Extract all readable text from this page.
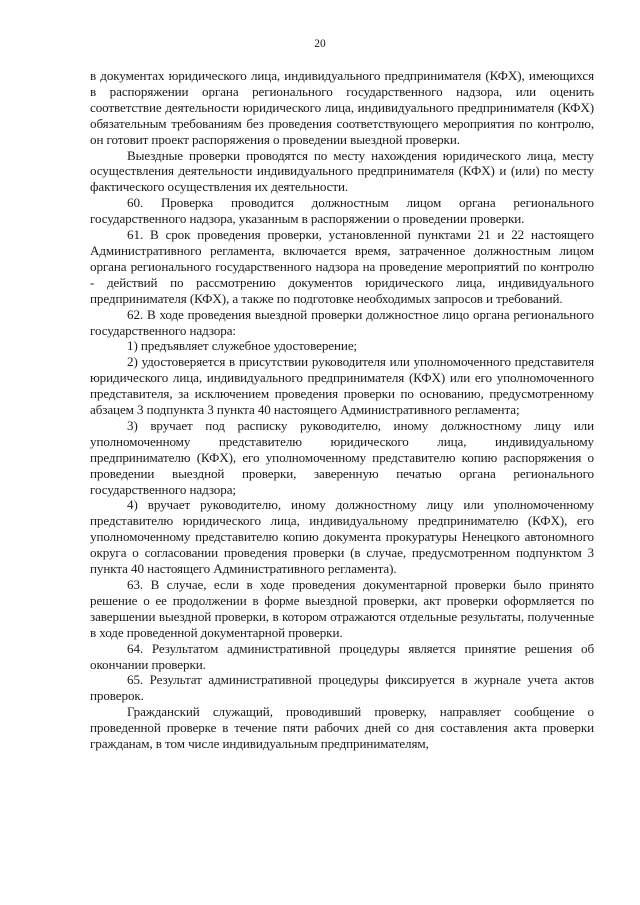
20

в документах юридического лица, индивидуального предпринимателя (КФХ), имеющихся в распоряжении органа регионального государственного надзора, или оценить соответствие деятельности юридического лица, индивидуального предпринимателя (КФХ) обязательным требованиям без проведения соответствующего мероприятия по контролю, он готовит проект распоряжения о проведении выездной проверки.

Выездные проверки проводятся по месту нахождения юридического лица, месту осуществления деятельности индивидуального предпринимателя (КФХ) и (или) по месту фактического осуществления их деятельности.

60. Проверка проводится должностным лицом органа регионального государственного надзора, указанным в распоряжении о проведении проверки.

61. В срок проведения проверки, установленной пунктами 21 и 22 настоящего Административного регламента, включается время, затраченное должностным лицом органа регионального государственного надзора на проведение мероприятий по контролю - действий по рассмотрению документов юридического лица, индивидуального предпринимателя (КФХ), а также по подготовке необходимых запросов и требований.

62. В ходе проведения выездной проверки должностное лицо органа регионального государственного надзора:

1) предъявляет служебное удостоверение;

2) удостоверяется в присутствии руководителя или уполномоченного представителя юридического лица, индивидуального предпринимателя (КФХ) или его уполномоченного представителя, за исключением проведения проверки по основанию, предусмотренному абзацем 3 подпункта 3 пункта 40 настоящего Административного регламента;

3) вручает под расписку руководителю, иному должностному лицу или уполномоченному представителю юридического лица, индивидуальному предпринимателю (КФХ), его уполномоченному представителю копию распоряжения о проведении выездной проверки, заверенную печатью органа регионального государственного надзора;

4) вручает руководителю, иному должностному лицу или уполномоченному представителю юридического лица, индивидуальному предпринимателю (КФХ), его уполномоченному представителю копию документа прокуратуры Ненецкого автономного округа о согласовании проведения проверки (в случае, предусмотренном подпунктом 3 пункта 40 настоящего Административного регламента).

63. В случае, если в ходе проведения документарной проверки было принято решение о ее продолжении в форме выездной проверки, акт проверки оформляется по завершении выездной проверки, в котором отражаются отдельные результаты, полученные в ходе проведенной документарной проверки.

64. Результатом административной процедуры является принятие решения об окончании проверки.

65. Результат административной процедуры фиксируется в журнале учета актов проверок.

Гражданский служащий, проводивший проверку, направляет сообщение о проведенной проверке в течение пяти рабочих дней со дня составления акта проверки гражданам, в том числе индивидуальным предпринимателям,
